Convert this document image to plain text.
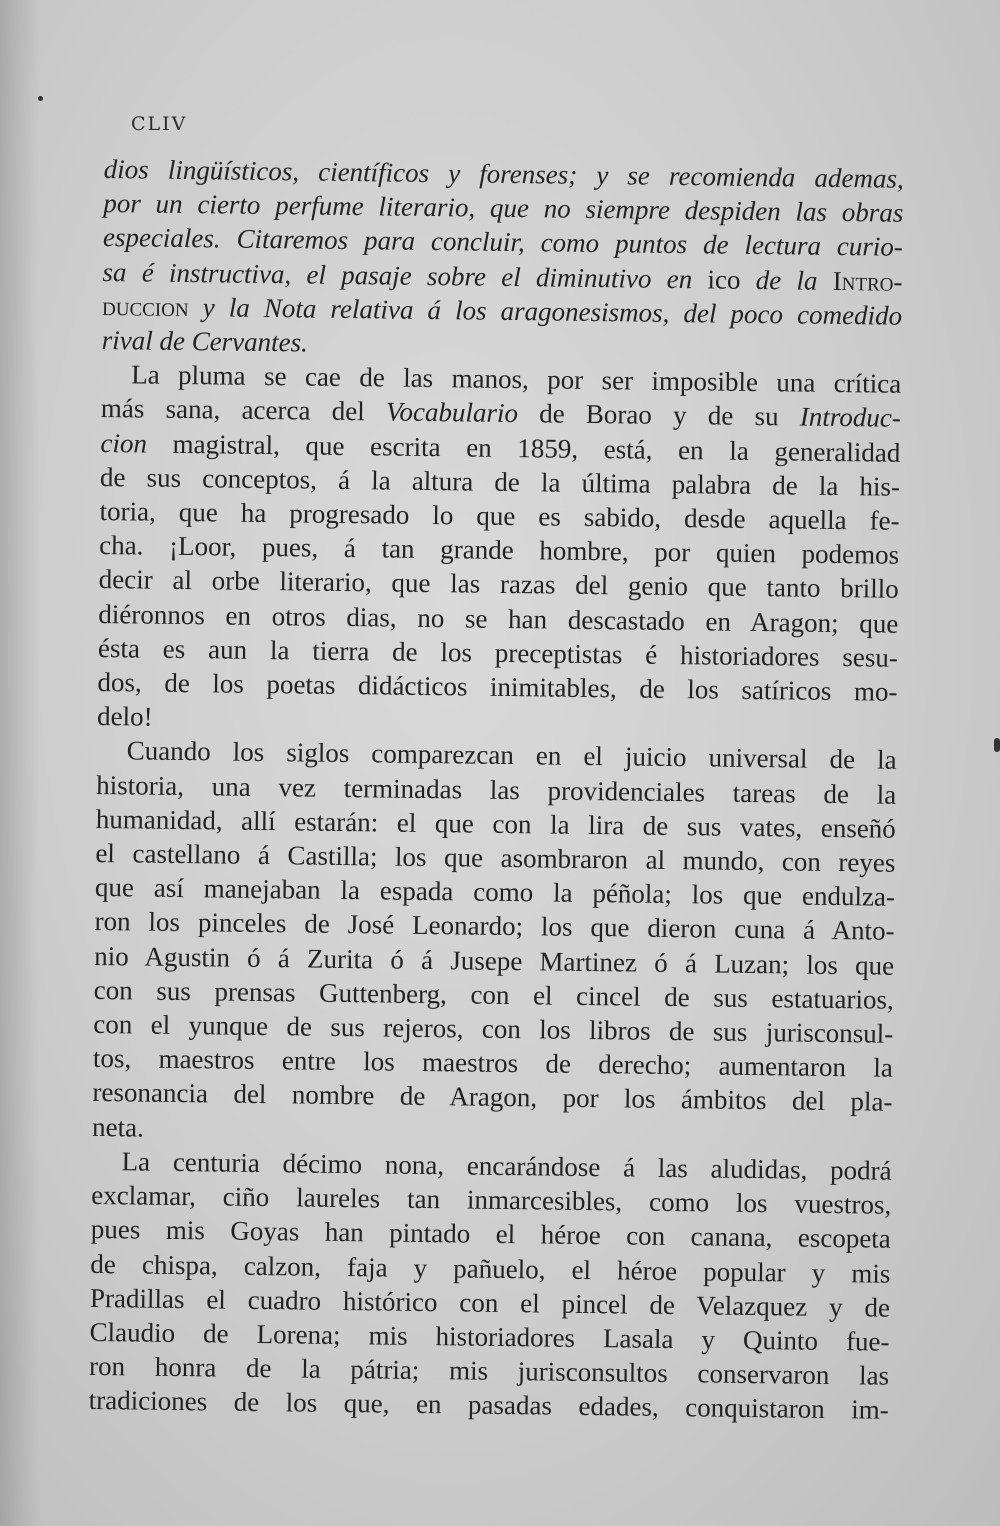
CLIV
dios lingüísticos, científicos y forenses; y se recomienda ademas,
por un cierto perfume literario, que no siempre despiden las obras
especiales. Citaremos para concluir, como puntos de lectura curio-
sa é instructiva, el pasaje sobre el diminutivo en ico de la Intro-
duccion y la Nota relativa á los aragonesismos, del poco comedido
rival de Cervantes.
La pluma se cae de las manos, por ser imposible una crítica
más sana, acerca del Vocabulario de Borao y de su Introduc-
cion magistral, que escrita en 1859, está, en la generalidad
de sus conceptos, á la altura de la última palabra de la his-
toria, que ha progresado lo que es sabido, desde aquella fe-
cha. ¡Loor, pues, á tan grande hombre, por quien podemos
decir al orbe literario, que las razas del genio que tanto brillo
diéronnos en otros dias, no se han descastado en Aragon; que
ésta es aun la tierra de los preceptistas é historiadores sesu-
dos, de los poetas didácticos inimitables, de los satíricos mo-
delo!
Cuando los siglos comparezcan en el juicio universal de la
historia, una vez terminadas las providenciales tareas de la
humanidad, allí estarán: el que con la lira de sus vates, enseñó
el castellano á Castilla; los que asombraron al mundo, con reyes
que así manejaban la espada como la péñola; los que endulza-
ron los pinceles de José Leonardo; los que dieron cuna á Anto-
nio Agustin ó á Zurita ó á Jusepe Martinez ó á Luzan; los que
con sus prensas Guttenberg, con el cincel de sus estatuarios,
con el yunque de sus rejeros, con los libros de sus jurisconsul-
tos, maestros entre los maestros de derecho; aumentaron la
resonancia del nombre de Aragon, por los ámbitos del pla-
neta.
La centuria décimo nona, encarándose á las aludidas, podrá
exclamar, ciño laureles tan inmarcesibles, como los vuestros,
pues mis Goyas han pintado el héroe con canana, escopeta
de chispa, calzon, faja y pañuelo, el héroe popular y mis
Pradillas el cuadro histórico con el pincel de Velazquez y de
Claudio de Lorena; mis historiadores Lasala y Quinto fue-
ron honra de la pátria; mis jurisconsultos conservaron las
tradiciones de los que, en pasadas edades, conquistaron im-
